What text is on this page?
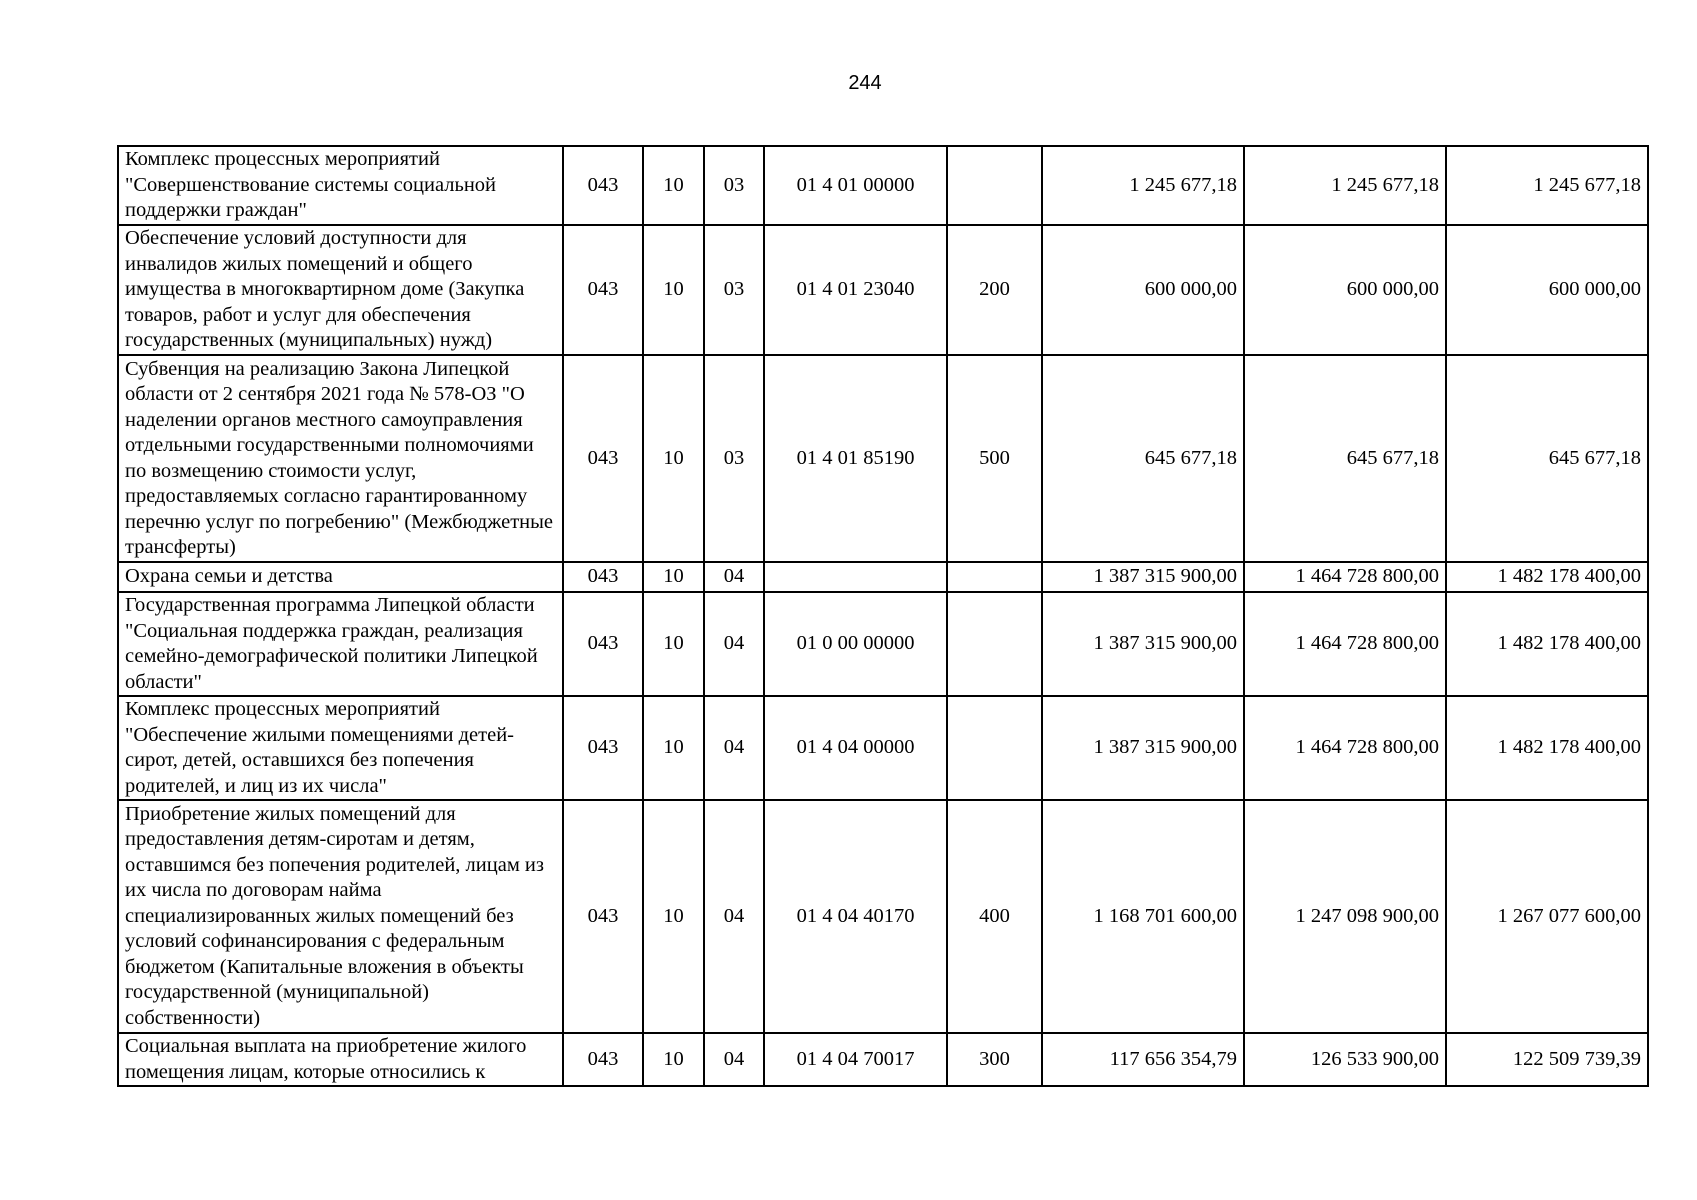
244
Комплекс процессных мероприятий "Совершенствование системы социальной поддержки граждан"	043	10	03	01 4 01 00000		1 245 677,18	1 245 677,18	1 245 677,18
Обеспечение условий доступности для инвалидов жилых помещений и общего имущества в многоквартирном доме (Закупка товаров, работ и услуг для обеспечения государственных (муниципальных) нужд)	043	10	03	01 4 01 23040	200	600 000,00	600 000,00	600 000,00
Субвенция на реализацию Закона Липецкой области от 2 сентября 2021 года № 578-ОЗ "О наделении органов местного самоуправления отдельными государственными полномочиями по возмещению стоимости услуг, предоставляемых согласно гарантированному перечню услуг по погребению" (Межбюджетные трансферты)	043	10	03	01 4 01 85190	500	645 677,18	645 677,18	645 677,18
Охрана семьи и детства	043	10	04			1 387 315 900,00	1 464 728 800,00	1 482 178 400,00
Государственная программа Липецкой области "Социальная поддержка граждан, реализация семейно-демографической политики Липецкой области"	043	10	04	01 0 00 00000		1 387 315 900,00	1 464 728 800,00	1 482 178 400,00
Комплекс процессных мероприятий "Обеспечение жилыми помещениями детей-сирот, детей, оставшихся без попечения родителей, и лиц из их числа"	043	10	04	01 4 04 00000		1 387 315 900,00	1 464 728 800,00	1 482 178 400,00
Приобретение жилых помещений для предоставления детям-сиротам и детям, оставшимся без попечения родителей, лицам из их числа по договорам найма специализированных жилых помещений без условий софинансирования с федеральным бюджетом (Капитальные вложения в объекты государственной (муниципальной) собственности)	043	10	04	01 4 04 40170	400	1 168 701 600,00	1 247 098 900,00	1 267 077 600,00
Социальная выплата на приобретение жилого помещения лицам, которые относились к	043	10	04	01 4 04 70017	300	117 656 354,79	126 533 900,00	122 509 739,39
